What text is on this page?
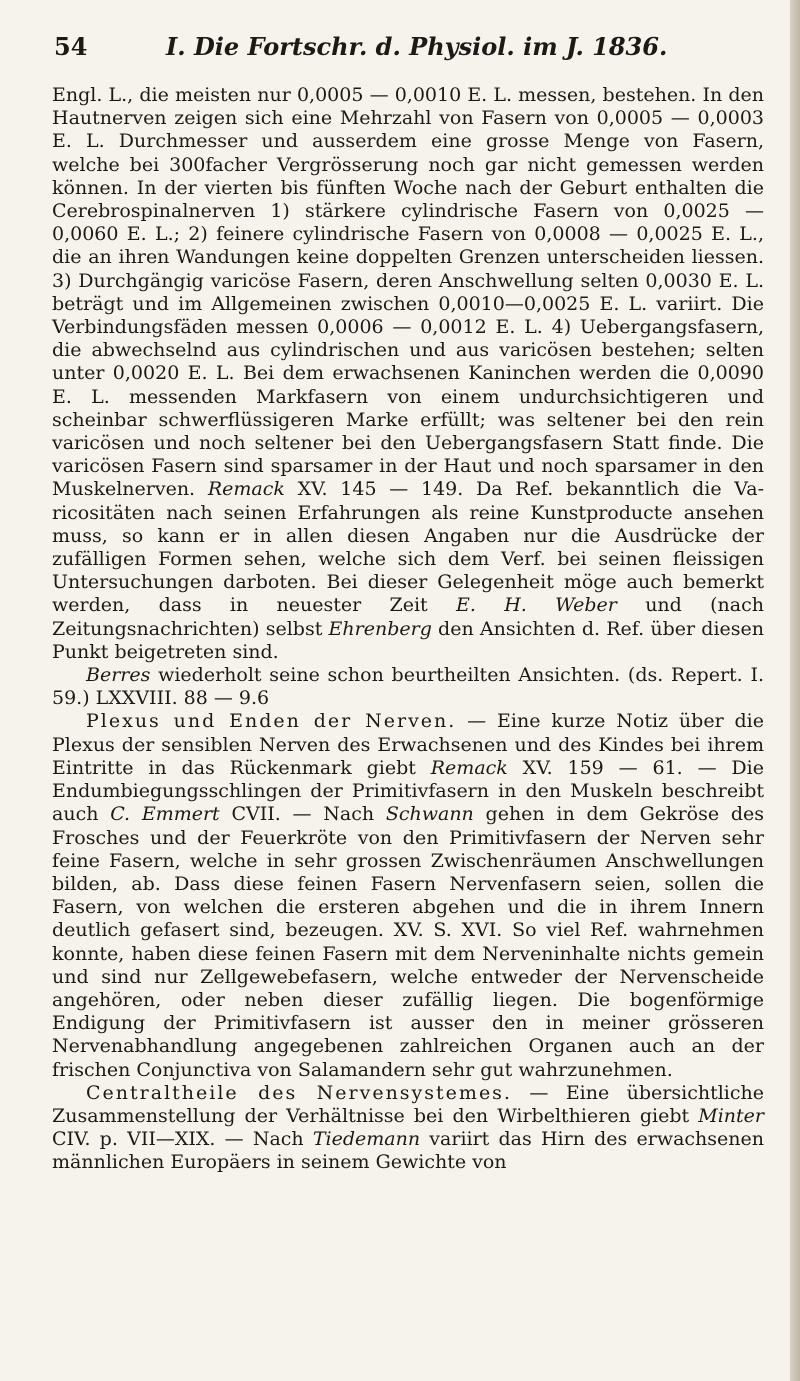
54	I. Die Fortschr. d. Physiol. im J. 1836.

Engl. L., die meisten nur 0,0005 — 0,0010 E. L. messen, bestehen. In den Hautnerven zeigen sich eine Mehrzahl von Fasern von 0,0005 — 0,0003 E. L. Durchmesser und ausserdem eine grosse Menge von Fasern, welche bei 300facher Vergrösserung noch gar nicht gemessen werden können. In der vierten bis fünften Woche nach der Geburt enthalten die Cerebrospinalnerven 1) stärkere cylindrische Fasern von 0,0025 — 0,0060 E. L.; 2) feinere cylindrische Fasern von 0,0008 — 0,0025 E. L., die an ihren Wandungen keine doppelten Grenzen unterscheiden liessen. 3) Durchgängig varicöse Fasern, deren Anschwellung selten 0,0030 E. L. beträgt und im Allgemeinen zwischen 0,0010—0,0025 E. L. variirt. Die Verbindungsfäden messen 0,0006 — 0,0012 E. L. 4) Uebergangsfasern, die abwechselnd aus cylindrischen und aus varicösen bestehen; selten unter 0,0020 E. L. Bei dem erwachsenen Kaninchen werden die 0,0090 E. L. messenden Markfasern von einem undurchsichtigeren und scheinbar schwerflüssigeren Marke erfüllt; was seltener bei den rein varicösen und noch seltener bei den Uebergangsfasern Statt finde. Die varicösen Fasern sind sparsamer in der Haut und noch sparsamer in den Muskelnerven. Remack XV. 145 — 149. Da Ref. bekanntlich die Varicositäten nach seinen Erfahrungen als reine Kunstproducte ansehen muss, so kann er in allen diesen Angaben nur die Ausdrücke der zufälligen Formen sehen, welche sich dem Verf. bei seinen fleissigen Untersuchungen darboten. Bei dieser Gelegenheit möge auch bemerkt werden, dass in neuester Zeit E. H. Weber und (nach Zeitungsnachrichten) selbst Ehrenberg den Ansichten d. Ref. über diesen Punkt beigetreten sind.

Berres wiederholt seine schon beurtheilten Ansichten. (ds. Repert. I. 59.) LXXVIII. 88 — 9.6

Plexus und Enden der Nerven. — Eine kurze Notiz über die Plexus der sensiblen Nerven des Erwachsenen und des Kindes bei ihrem Eintritte in das Rückenmark giebt Remack XV. 159 — 61. — Die Endumbiegungsschlingen der Primitivfasern in den Muskeln beschreibt auch C. Emmert CVII. — Nach Schwann gehen in dem Gekröse des Frosches und der Feuerkröte von den Primitivfasern der Nerven sehr feine Fasern, welche in sehr grossen Zwischenräumen Anschwellungen bilden, ab. Dass diese feinen Fasern Nervenfasern seien, sollen die Fasern, von welchen die ersteren abgehen und die in ihrem Innern deutlich gefasert sind, bezeugen. XV. S. XVI. So viel Ref. wahrnehmen konnte, haben diese feinen Fasern mit dem Nerveninhalte nichts gemein und sind nur Zellgewebefasern, welche entweder der Nervenscheide angehören, oder neben dieser zufällig liegen. Die bogenförmige Endigung der Primitivfasern ist ausser den in meiner grösseren Nervenabhandlung angegebenen zahlreichen Organen auch an der frischen Conjunctiva von Salamandern sehr gut wahrzunehmen.

Centraltheile des Nervensystemes. — Eine übersichtliche Zusammenstellung der Verhältnisse bei den Wirbelthieren giebt Minter CIV. p. VII—XIX. — Nach Tiedemann variirt das Hirn des erwachsenen männlichen Europäers in seinem Gewichte von
